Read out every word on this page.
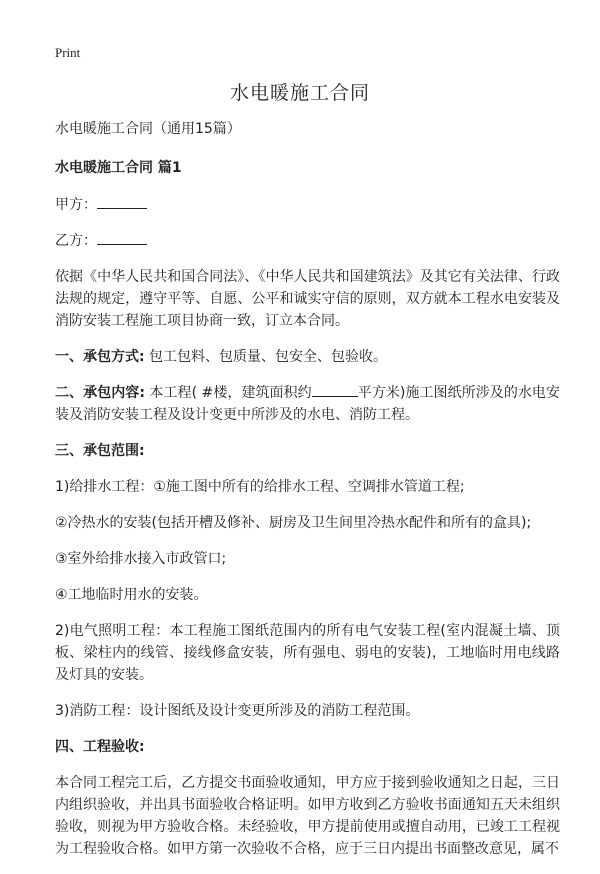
Print
水电暖施工合同

水电暖施工合同（通用15篇）

水电暖施工合同 篇1

甲方：

乙方：

依据《中华人民共和国合同法》、《中华人民共和国建筑法》及其它有关法律、行政法规的规定，遵守平等、自愿、公平和诚实守信的原则，双方就本工程水电安装及消防安装工程施工项目协商一致，订立本合同。

一、承包方式: 包工包料、包质量、包安全、包验收。

二、承包内容: 本工程( #楼，建筑面积约	平方米)施工图纸所涉及的水电安装及消防安装工程及设计变更中所涉及的水电、消防工程。

三、承包范围:

1)给排水工程：①施工图中所有的给排水工程、空调排水管道工程;

②冷热水的安装(包括开槽及修补、厨房及卫生间里冷热水配件和所有的盒具);

③室外给排水接入市政管口;

④工地临时用水的安装。

2)电气照明工程：本工程施工图纸范围内的所有电气安装工程(室内混凝土墙、顶板、梁柱内的线管、接线修盒安装，所有强电、弱电的安装)，工地临时用电线路及灯具的安装。

3)消防工程：设计图纸及设计变更所涉及的消防工程范围。

四、工程验收:

本合同工程完工后，乙方提交书面验收通知，甲方应于接到验收通知之日起，三日内组织验收，并出具书面验收合格证明。如甲方收到乙方验收书面通知五天未组织验收，则视为甲方验收合格。未经验收，甲方提前使用或擅自动用，已竣工工程视为工程验收合格。如甲方第一次验收不合格，应于三日内提出书面整改意见，属不
